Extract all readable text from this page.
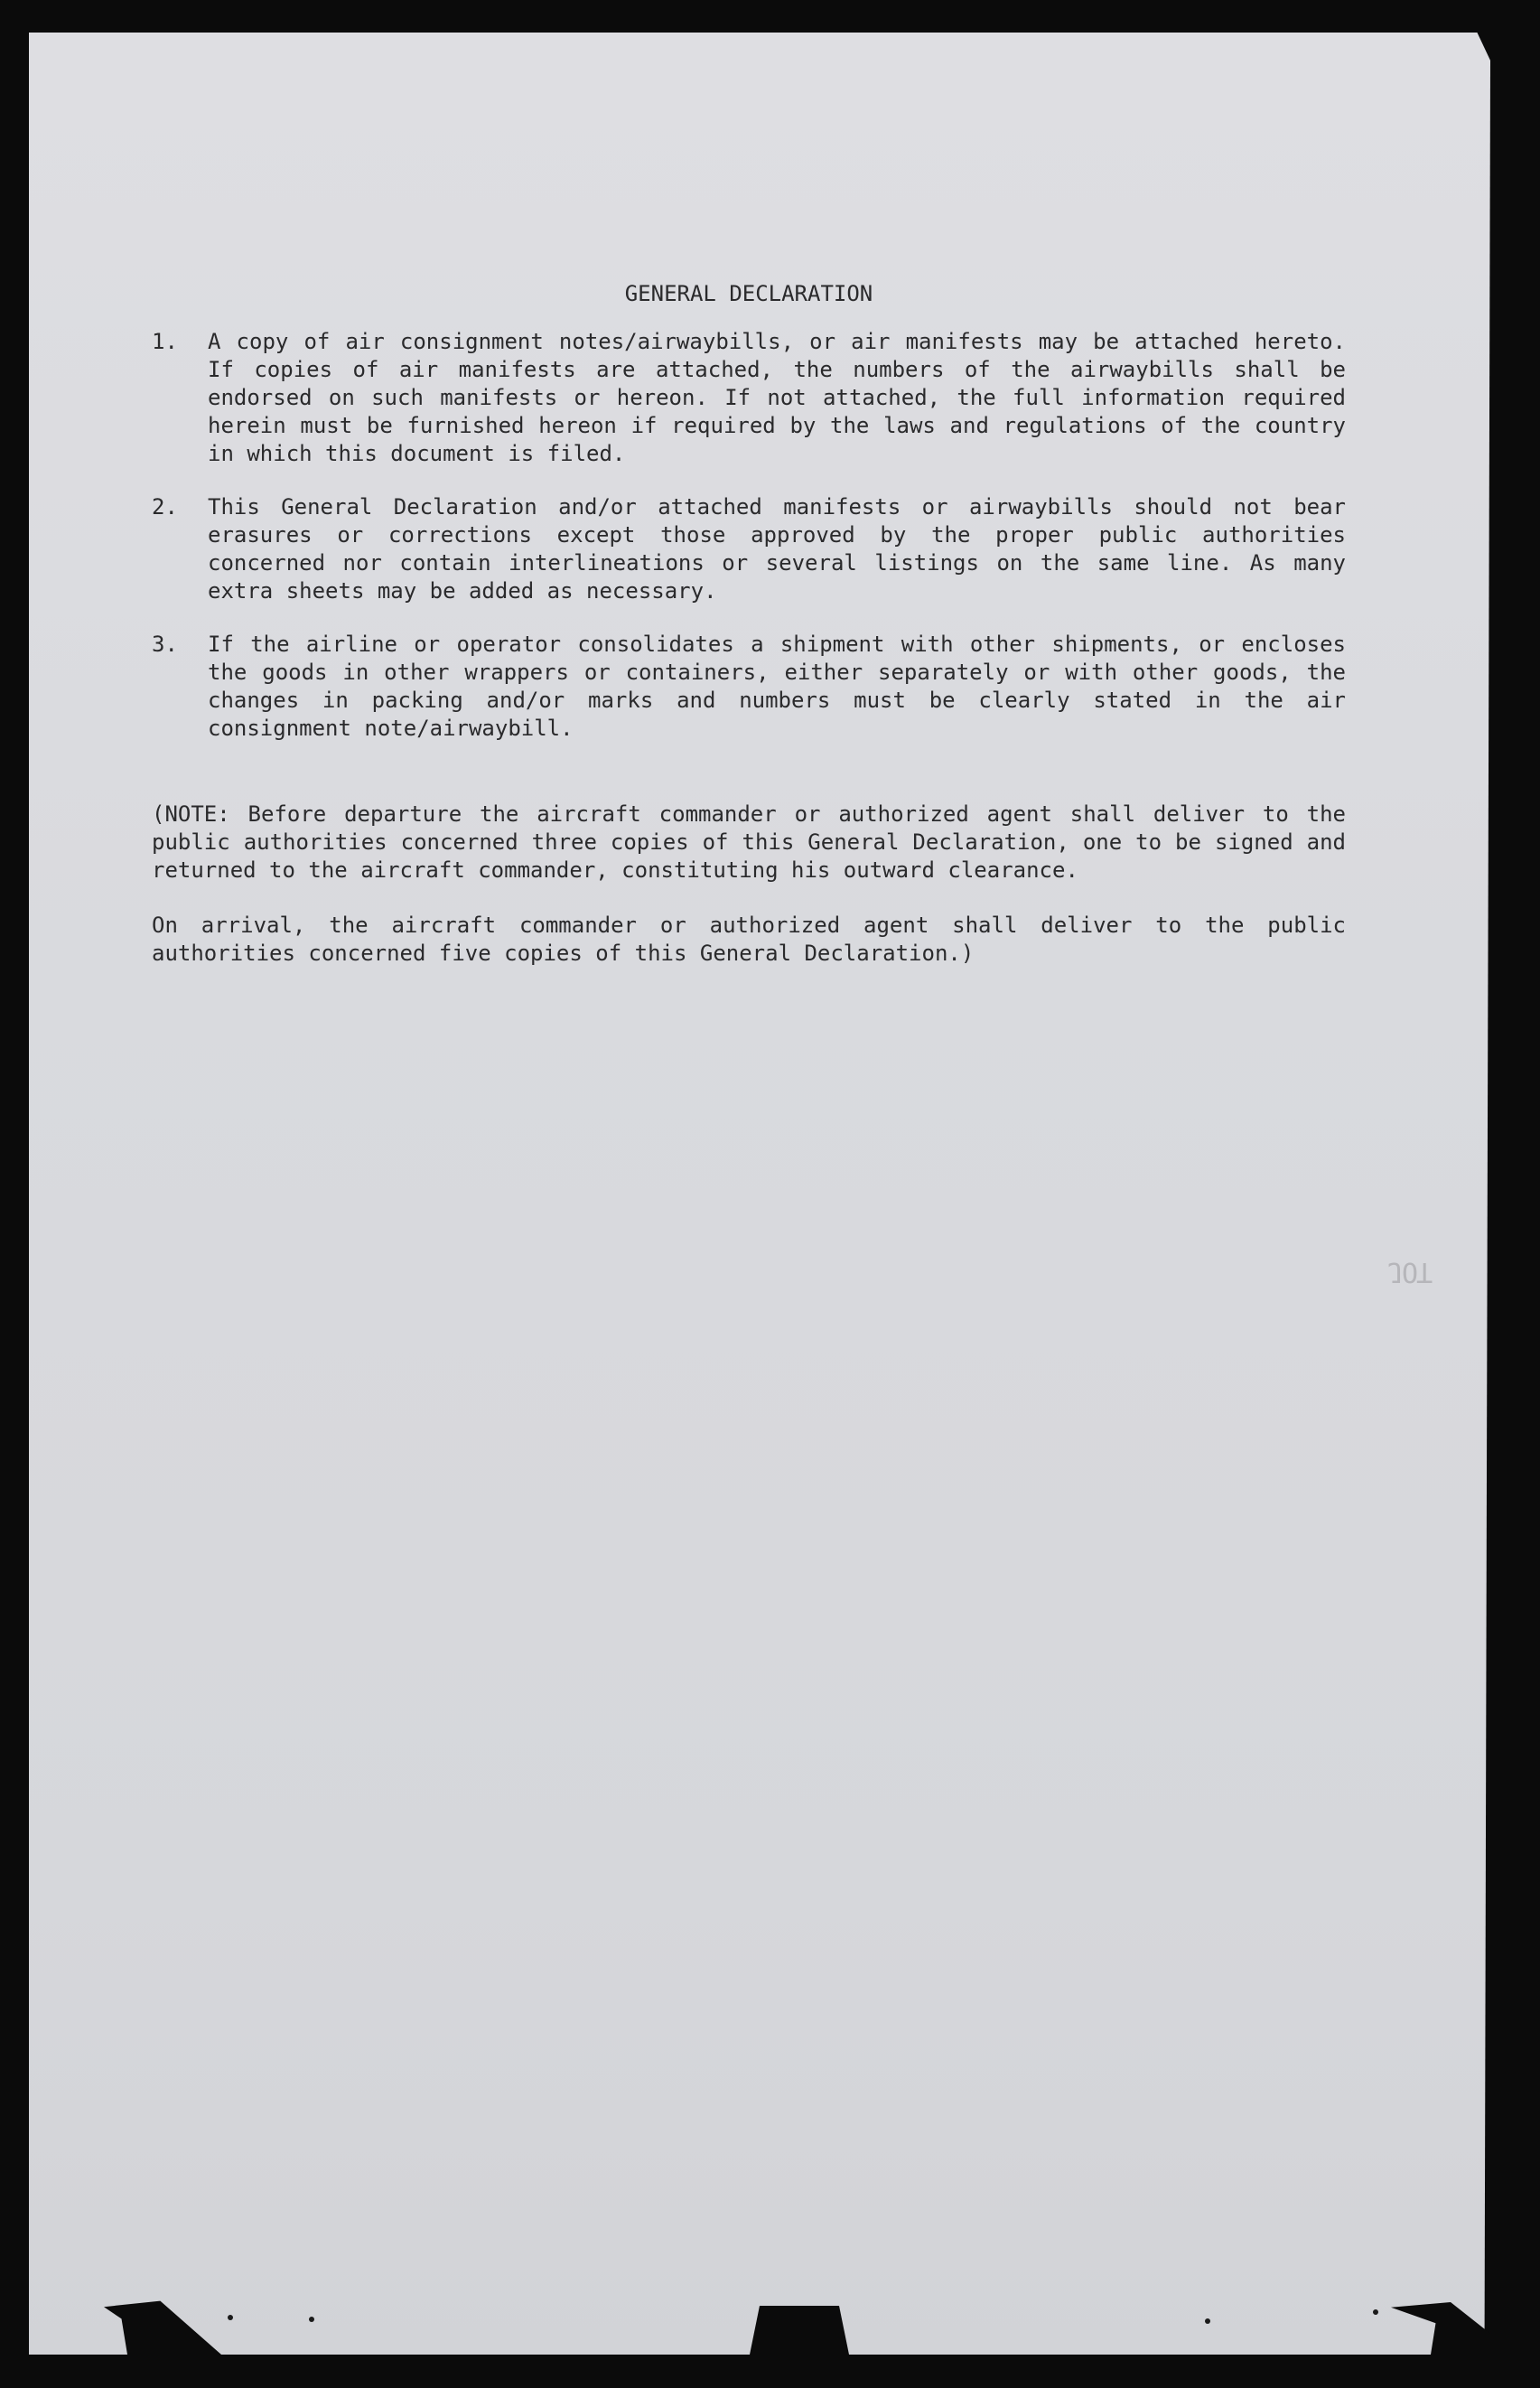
GENERAL DECLARATION
1.	A copy of air consignment notes/airwaybills, or air manifests may be attached hereto. If copies of air manifests are attached, the numbers of the airwaybills shall be endorsed on such manifests or hereon. If not attached, the full information required herein must be furnished hereon if required by the laws and regulations of the country in which this document is filed.
2.	This General Declaration and/or attached manifests or airwaybills should not bear erasures or corrections except those approved by the proper public authorities concerned nor contain interlineations or several listings on the same line. As many extra sheets may be added as necessary.
3.	If the airline or operator consolidates a shipment with other shipments, or encloses the goods in other wrappers or containers, either separately or with other goods, the changes in packing and/or marks and numbers must be clearly stated in the air consignment note/airwaybill.
(NOTE: Before departure the aircraft commander or authorized agent shall deliver to the public authorities concerned three copies of this General Declaration, one to be signed and returned to the aircraft commander, constituting his outward clearance.
On arrival, the aircraft commander or authorized agent shall deliver to the public authorities concerned five copies of this General Declaration.)
JOT
